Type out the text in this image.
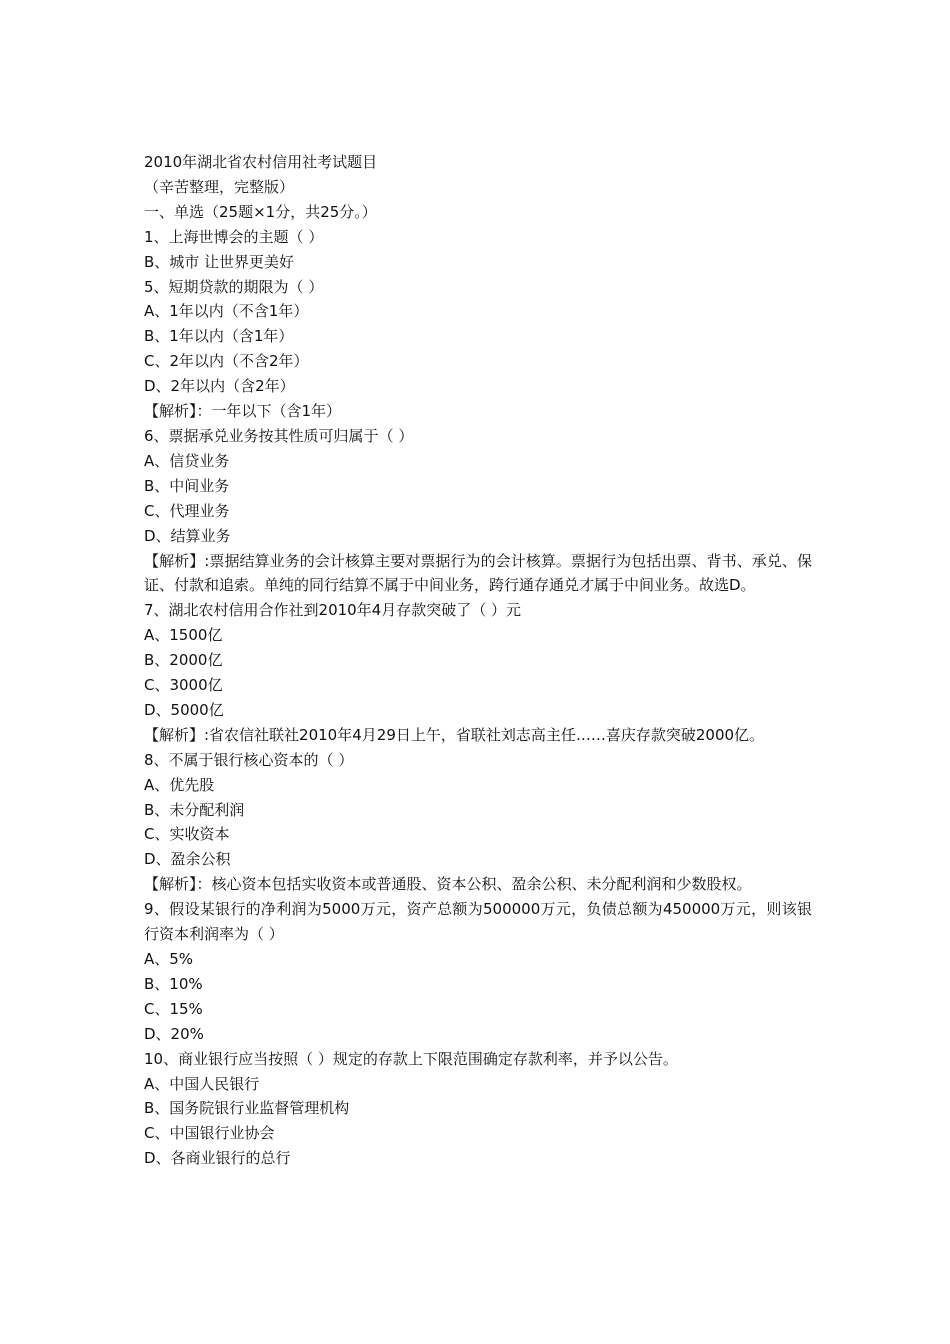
2010年湖北省农村信用社考试题目

（辛苦整理，完整版）

一、单选（25题×1分，共25分。）

1、上海世博会的主题（ ）

B、城市 让世界更美好

5、短期贷款的期限为（ ）

A、1年以内（不含1年）

B、1年以内（含1年）

C、2年以内（不含2年）

D、2年以内（含2年）

【解析】：一年以下（含1年）

6、票据承兑业务按其性质可归属于（ ）

A、信贷业务

B、中间业务

C、代理业务

D、结算业务

【解析】:票据结算业务的会计核算主要对票据行为的会计核算。票据行为包括出票、背书、承兑、保证、付款和追索。单纯的同行结算不属于中间业务，跨行通存通兑才属于中间业务。故选D。

7、湖北农村信用合作社到2010年4月存款突破了（ ）元

A、1500亿

B、2000亿

C、3000亿

D、5000亿

【解析】:省农信社联社2010年4月29日上午，省联社刘志高主任……喜庆存款突破2000亿。

8、不属于银行核心资本的（ ）

A、优先股

B、未分配利润

C、实收资本

D、盈余公积

【解析】：核心资本包括实收资本或普通股、资本公积、盈余公积、未分配利润和少数股权。

9、假设某银行的净利润为5000万元，资产总额为500000万元，负债总额为450000万元，则该银行资本利润率为（ ）

A、5%

B、10%

C、15%

D、20%

10、商业银行应当按照（ ）规定的存款上下限范围确定存款利率，并予以公告。

A、中国人民银行

B、国务院银行业监督管理机构

C、中国银行业协会

D、各商业银行的总行
